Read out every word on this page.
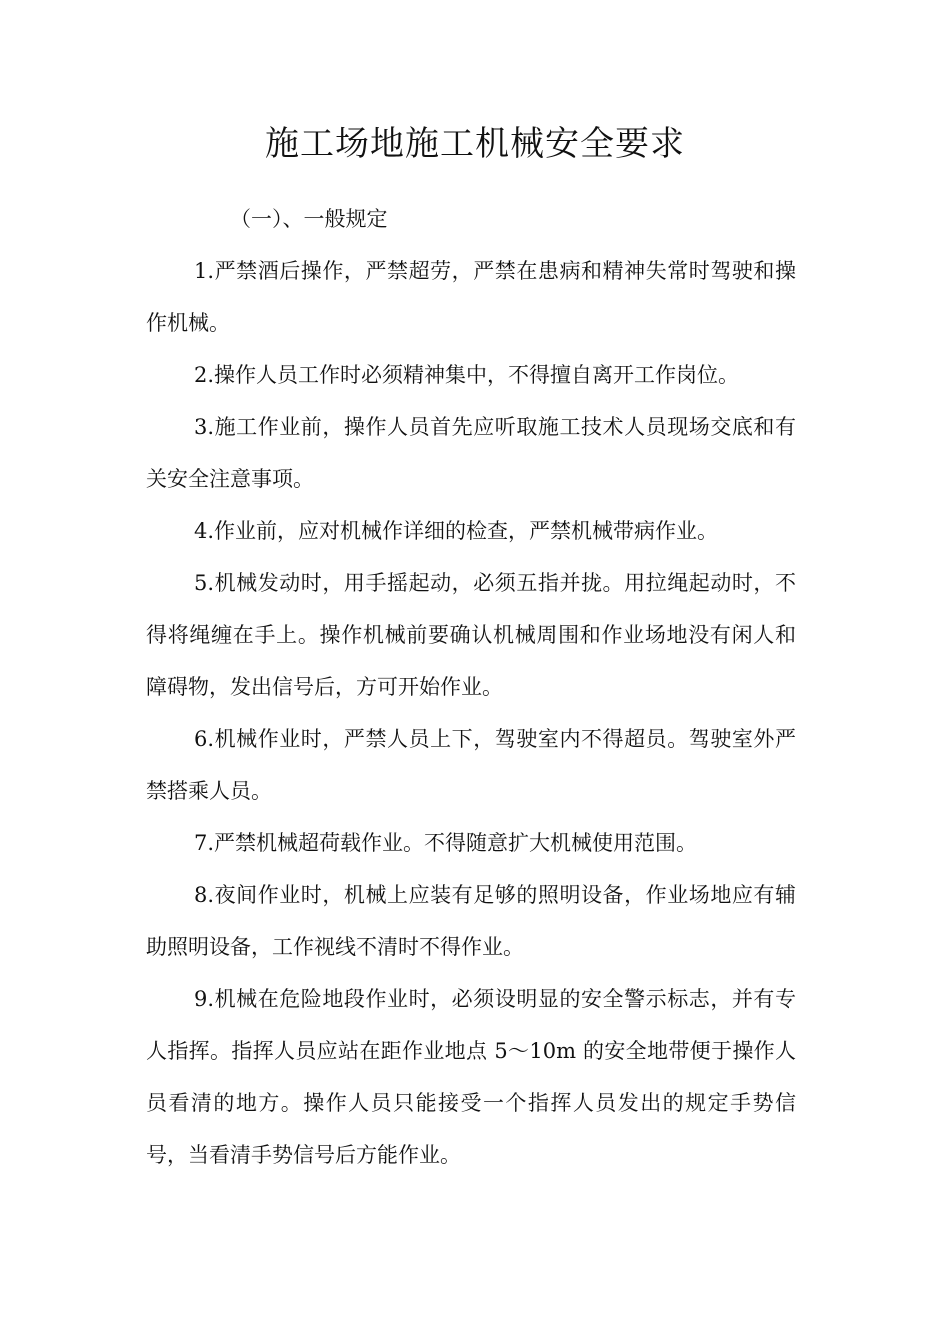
施工场地施工机械安全要求

（一）、一般规定

1.严禁酒后操作，严禁超劳，严禁在患病和精神失常时驾驶和操作机械。

2.操作人员工作时必须精神集中，不得擅自离开工作岗位。

3.施工作业前，操作人员首先应听取施工技术人员现场交底和有关安全注意事项。

4.作业前，应对机械作详细的检查，严禁机械带病作业。

5.机械发动时，用手摇起动，必须五指并拢。用拉绳起动时，不得将绳缠在手上。操作机械前要确认机械周围和作业场地没有闲人和障碍物，发出信号后，方可开始作业。

6.机械作业时，严禁人员上下，驾驶室内不得超员。驾驶室外严禁搭乘人员。

7.严禁机械超荷载作业。不得随意扩大机械使用范围。

8.夜间作业时，机械上应装有足够的照明设备，作业场地应有辅助照明设备，工作视线不清时不得作业。

9.机械在危险地段作业时，必须设明显的安全警示标志，并有专人指挥。指挥人员应站在距作业地点 5～10m 的安全地带便于操作人员看清的地方。操作人员只能接受一个指挥人员发出的规定手势信号，当看清手势信号后方能作业。
